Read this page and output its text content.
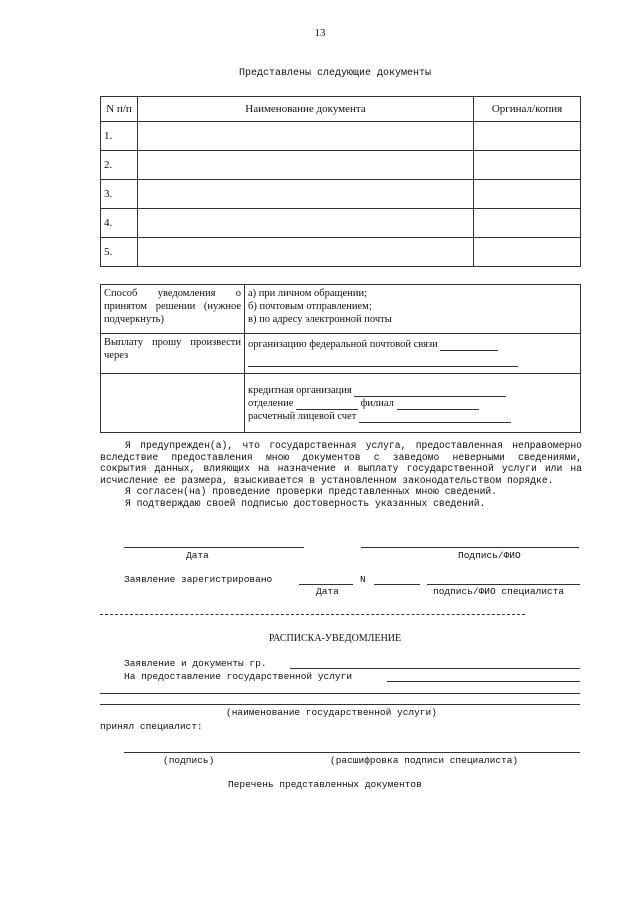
13
Представлены следующие документы
N п/п	Наименование документа	Оргинал/копия
1.		
2.		
3.		
4.		
5.		
Способ уведомления о принятом решении (нужное подчеркнуть)	а) при личном обращении;
б) почтовым отправлением;
в) по адресу электронной почты

Выплату прошу произвести через	организацию федеральной почтовой связи

	кредитная организация
отделение филиал
расчетный лицевой счет

Я предупрежден(а), что государственная услуга, предоставленная неправомерно вследствие предоставления мною документов с заведомо неверными сведениями, сокрытия данных, влияющих на назначение и выплату государственной услуги или на исчисление ее размера, взыскивается в установленном законодательством порядке.

Я согласен(на) проведение проверки представленных мною сведений.

Я подтверждаю своей подписью достоверность указанных сведений.

Дата	Подпись/ФИО
Заявление зарегистрировано	N
Дата	подпись/ФИО специалиста
РАСПИСКА-УВЕДОМЛЕНИЕ
Заявление и документы гр.
На предоставление государственной услуги
(наименование государственной услуги)
принял специалист:
(подпись)	(расшифровка подписи специалиста)
Перечень представленных документов
